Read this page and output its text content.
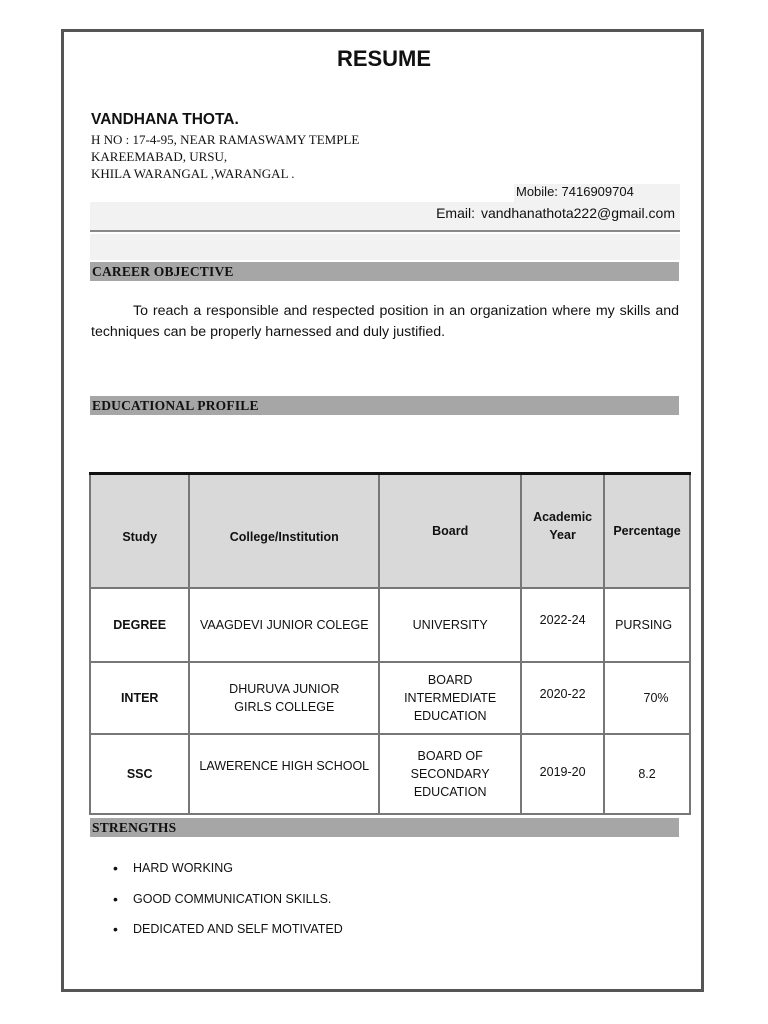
RESUME
VANDHANA THOTA.
H NO : 17-4-95, NEAR RAMASWAMY TEMPLE
KAREEMABAD, URSU,
KHILA WARANGAL ,WARANGAL .
Mobile: 7416909704
Email: vandhanathota222@gmail.com
CAREER OBJECTIVE
To reach a responsible and respected position in an organization where my skills and techniques can be properly harnessed and duly justified.
EDUCATIONAL PROFILE
Study	College/Institution	Board	Academic Year	Percentage
DEGREE	VAAGDEVI JUNIOR COLEGE	UNIVERSITY	2022-24	PURSING
INTER	DHURUVA JUNIOR GIRLS COLLEGE	BOARD INTERMEDIATE EDUCATION	2020-22	70%
SSC	LAWERENCE HIGH SCHOOL	BOARD OF SECONDARY EDUCATION	2019-20	8.2
STRENGTHS
• HARD WORKING
• GOOD COMMUNICATION SKILLS.
• DEDICATED AND SELF MOTIVATED
